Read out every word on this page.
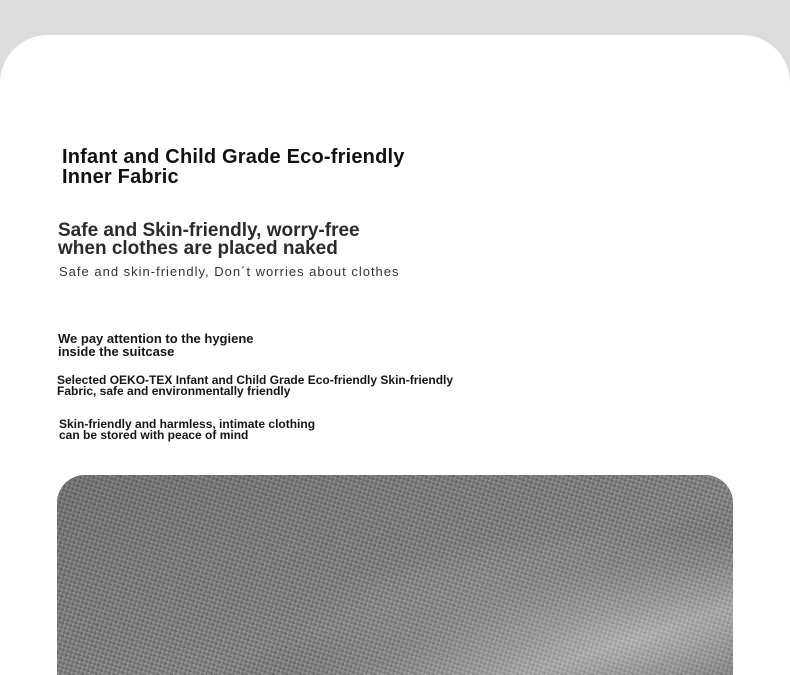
Infant and Child Grade Eco-friendly
Inner Fabric
Safe and Skin-friendly, worry-free
when clothes are placed naked
Safe and skin-friendly, Don´t worries about clothes
We pay attention to the hygiene
inside the suitcase
Selected OEKO-TEX Infant and Child Grade Eco-friendly Skin-friendly
Fabric, safe and environmentally friendly
Skin-friendly and harmless, intimate clothing
can be stored with peace of mind
